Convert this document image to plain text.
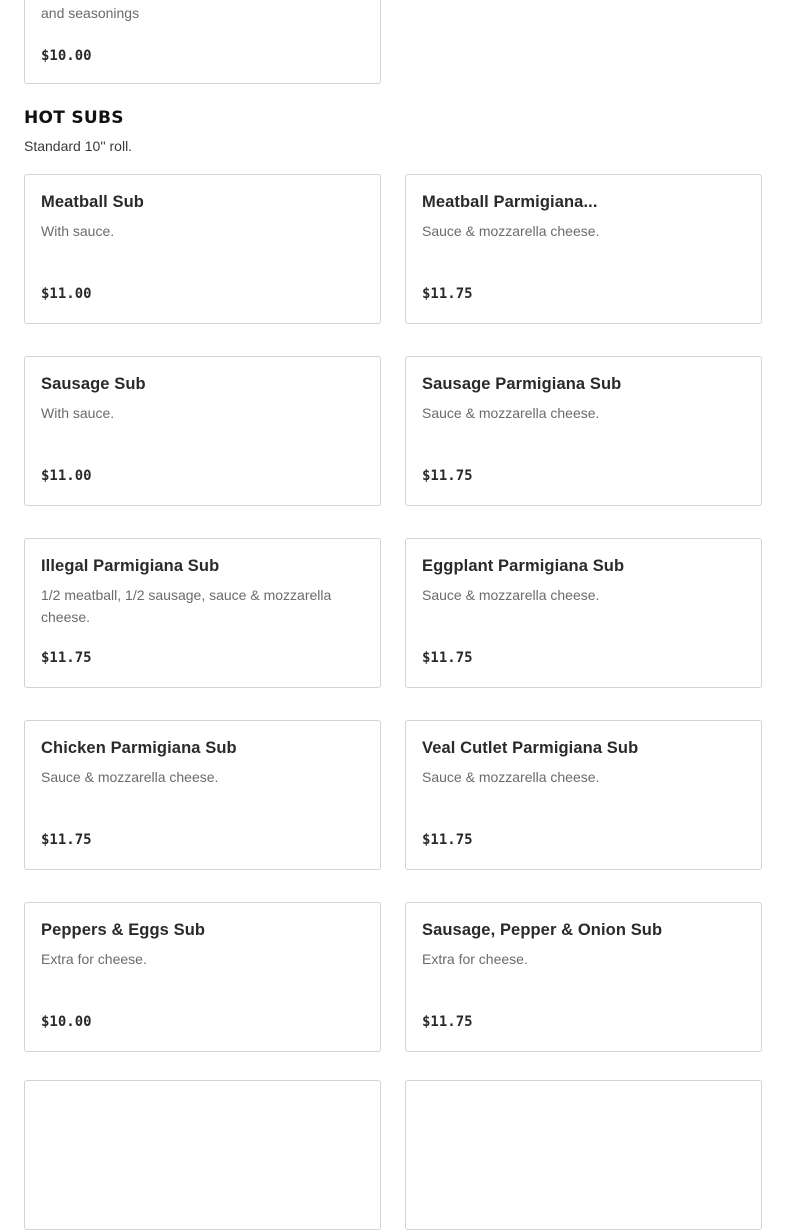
and seasonings
$10.00
HOT SUBS
Standard 10'' roll.
Meatball Sub
With sauce.
$11.00
Meatball Parmigiana...
Sauce & mozzarella cheese.
$11.75
Sausage Sub
With sauce.
$11.00
Sausage Parmigiana Sub
Sauce & mozzarella cheese.
$11.75
Illegal Parmigiana Sub
1/2 meatball, 1/2 sausage, sauce & mozzarella cheese.
$11.75
Eggplant Parmigiana Sub
Sauce & mozzarella cheese.
$11.75
Chicken Parmigiana Sub
Sauce & mozzarella cheese.
$11.75
Veal Cutlet Parmigiana Sub
Sauce & mozzarella cheese.
$11.75
Peppers & Eggs Sub
Extra for cheese.
$10.00
Sausage, Pepper & Onion Sub
Extra for cheese.
$11.75
